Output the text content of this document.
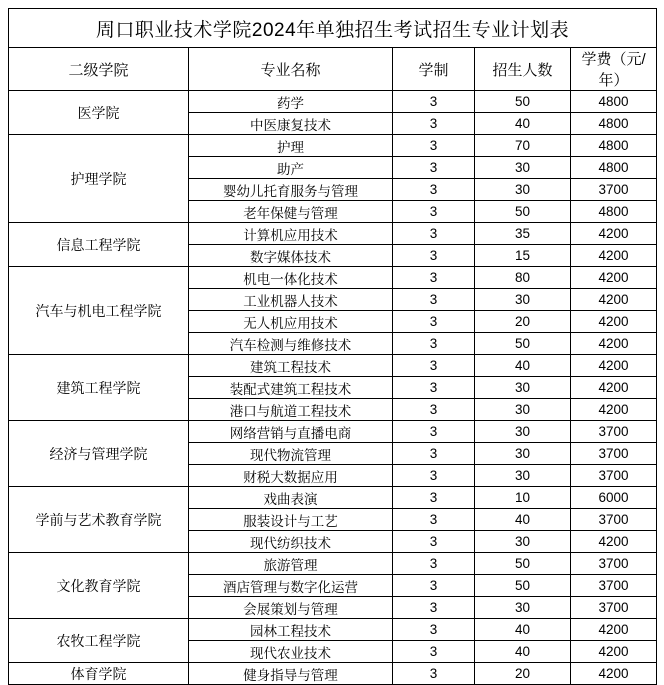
周口职业技术学院2024年单独招生考试招生专业计划表				
二级学院	专业名称	学制	招生人数	学费（元/年）
医学院	药学	3	50	4800
	中医康复技术	3	40	4800
护理学院	护理	3	70	4800
	助产	3	30	4800
	婴幼儿托育服务与管理	3	30	3700
	老年保健与管理	3	50	4800
信息工程学院	计算机应用技术	3	35	4200
	数字媒体技术	3	15	4200
汽车与机电工程学院	机电一体化技术	3	80	4200
	工业机器人技术	3	30	4200
	无人机应用技术	3	20	4200
	汽车检测与维修技术	3	50	4200
建筑工程学院	建筑工程技术	3	40	4200
	装配式建筑工程技术	3	30	4200
	港口与航道工程技术	3	30	4200
经济与管理学院	网络营销与直播电商	3	30	3700
	现代物流管理	3	30	3700
	财税大数据应用	3	30	3700
学前与艺术教育学院	戏曲表演	3	10	6000
	服装设计与工艺	3	40	3700
	现代纺织技术	3	30	4200
文化教育学院	旅游管理	3	50	3700
	酒店管理与数字化运营	3	50	3700
	会展策划与管理	3	30	3700
农牧工程学院	园林工程技术	3	40	4200
	现代农业技术	3	40	4200
体育学院	健身指导与管理	3	20	4200
